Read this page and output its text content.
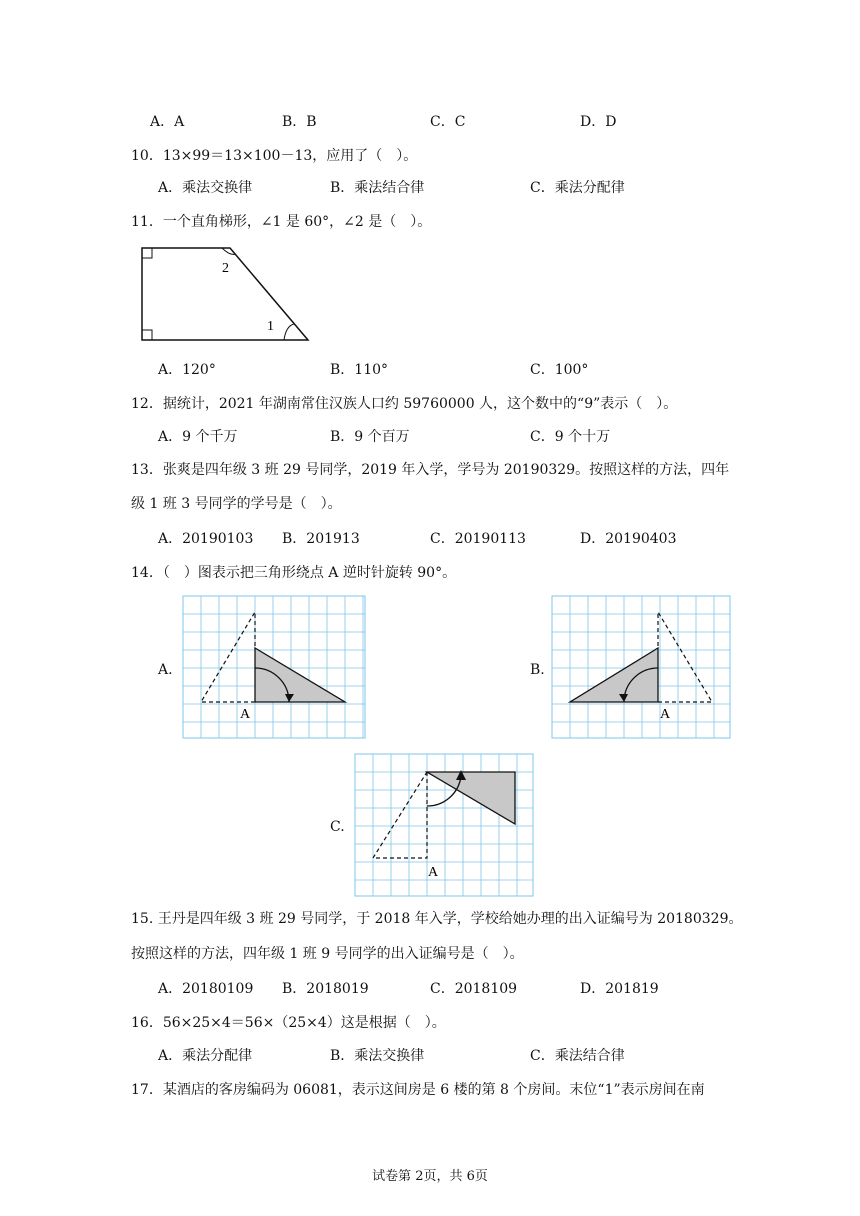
A．A	B．B	C．C	D．D
10．13×99＝13×100－13，应用了（　）。
A．乘法交换律	B．乘法结合律	C．乘法分配律
11．一个直角梯形，∠1 是 60°，∠2 是（　）。
2
1
A．120°	B．110°	C．100°
12．据统计，2021 年湖南常住汉族人口约 59760000 人，这个数中的“9”表示（　）。
A．9 个千万	B．9 个百万	C．9 个十万
13．张爽是四年级 3 班 29 号同学，2019 年入学，学号为 20190329。按照这样的方法，四年
级 1 班 3 号同学的学号是（　）。
A．20190103 B．201913	C．20190113	D．20190403
14．（　）图表示把三角形绕点 A 逆时针旋转 90°。
A.
A
B.
A
C.
A
15. 王丹是四年级 3 班 29 号同学，于 2018 年入学，学校给她办理的出入证编号为 20180329。
按照这样的方法，四年级 1 班 9 号同学的出入证编号是（　）。
A．20180109 B．2018019	C．2018109	D．201819
16．56×25×4＝56×（25×4）这是根据（　）。
A．乘法分配律	B．乘法交换律	C．乘法结合律
17．某酒店的客房编码为 06081，表示这间房是 6 楼的第 8 个房间。末位“1”表示房间在南
试卷第 2页，共 6页
